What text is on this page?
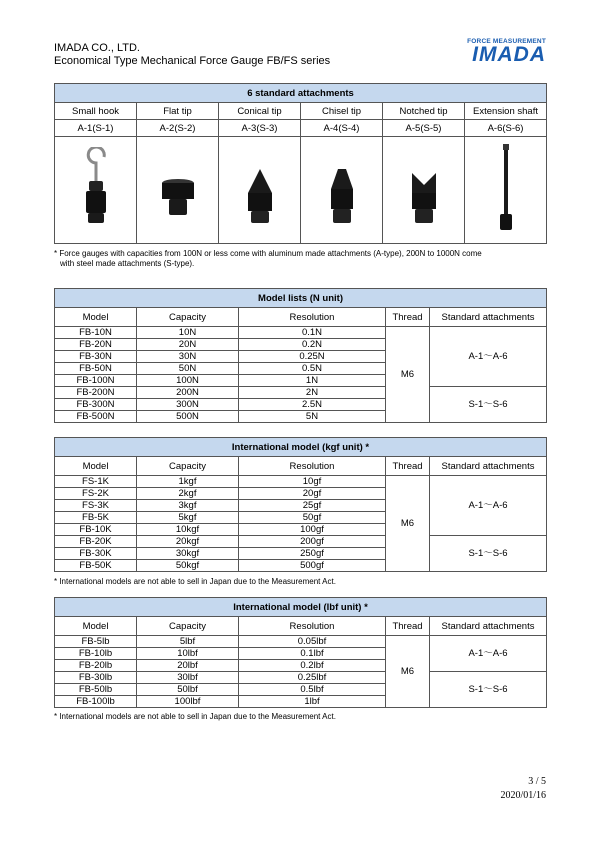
IMADA CO., LTD.
Economical Type Mechanical Force Gauge FB/FS series
FORCE MEASUREMENT
IMADA
6 standard attachments					
Small hook	Flat tip	Conical tip	Chisel tip	Notched tip	Extension shaft
A-1(S-1)	A-2(S-2)	A-3(S-3)	A-4(S-4)	A-5(S-5)	A-6(S-6)

* Force gauges with capacities from 100N or less come with aluminum made attachments (A-type), 200N to 1000N come
with steel made attachments (S-type).
Model lists (N unit)				
Model	Capacity	Resolution	Thread	Standard attachments
FB-10N	10N	0.1N	M6	A-1～A-6
FB-20N	20N	0.2N		
FB-30N	30N	0.25N		
FB-50N	50N	0.5N		
FB-100N	100N	1N		
FB-200N	200N	2N		S-1～S-6
FB-300N	300N	2.5N		
FB-500N	500N	5N		
International model (kgf unit) *				
Model	Capacity	Resolution	Thread	Standard attachments
FS-1K	1kgf	10gf	M6	A-1～A-6
FS-2K	2kgf	20gf		
FS-3K	3kgf	25gf		
FB-5K	5kgf	50gf		
FB-10K	10kgf	100gf		
FB-20K	20kgf	200gf		S-1～S-6
FB-30K	30kgf	250gf		
FB-50K	50kgf	500gf		
* International models are not able to sell in Japan due to the Measurement Act.
International model (lbf unit) *				
Model	Capacity	Resolution	Thread	Standard attachments
FB-5lb	5lbf	0.05lbf	M6	A-1～A-6
FB-10lb	10lbf	0.1lbf		
FB-20lb	20lbf	0.2lbf		
FB-30lb	30lbf	0.25lbf		S-1～S-6
FB-50lb	50lbf	0.5lbf		
FB-100lb	100lbf	1lbf		
* International models are not able to sell in Japan due to the Measurement Act.
3 / 5
2020/01/16
